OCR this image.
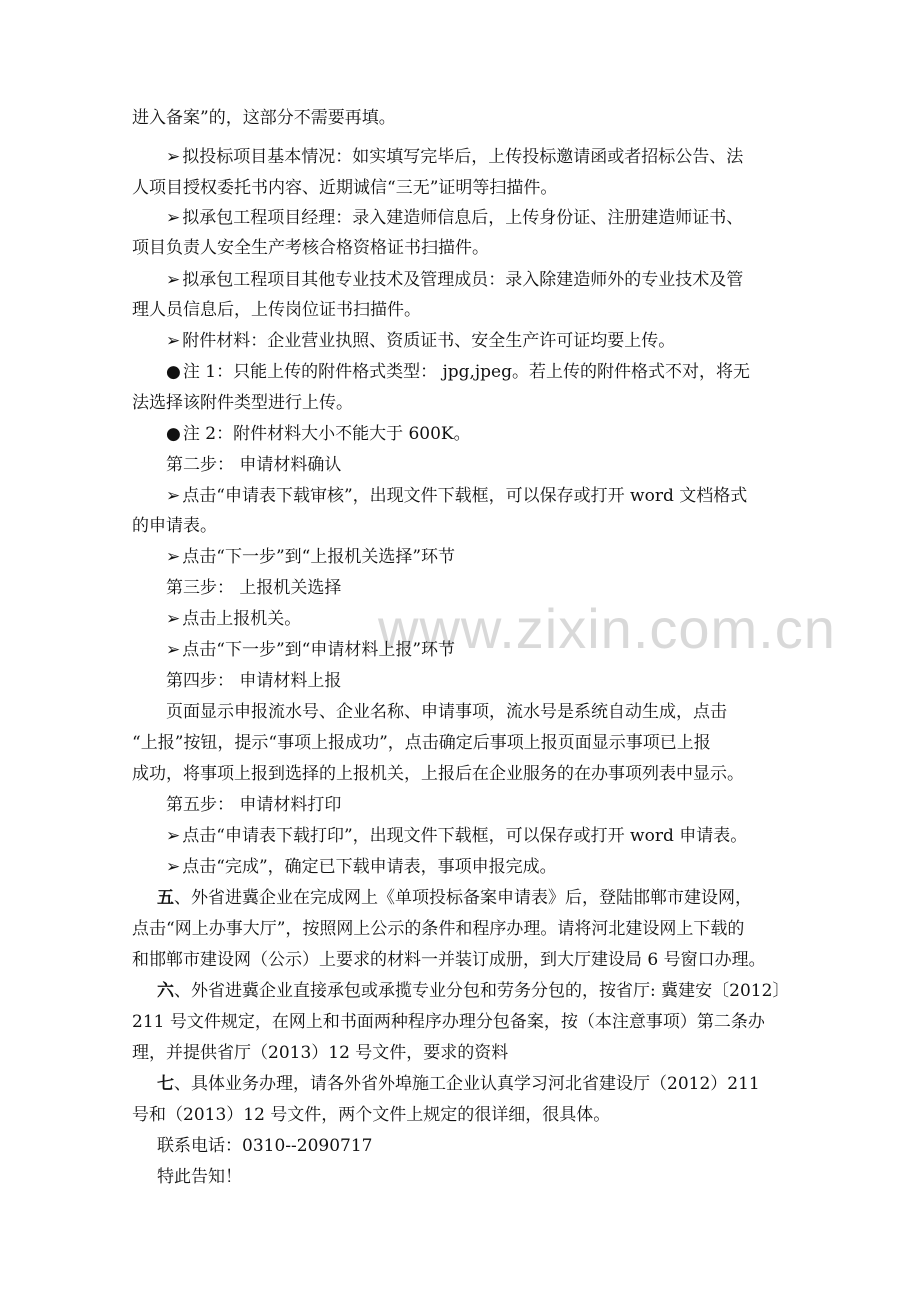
www.zixin.com.cn
进入备案”的，这部分不需要再填。
➢ 拟投标项目基本情况：如实填写完毕后，上传投标邀请函或者招标公告、法
人项目授权委托书内容、近期诚信“三无”证明等扫描件。
➢ 拟承包工程项目经理：录入建造师信息后，上传身份证、注册建造师证书、
项目负责人安全生产考核合格资格证书扫描件。
➢ 拟承包工程项目其他专业技术及管理成员：录入除建造师外的专业技术及管
理人员信息后，上传岗位证书扫描件。
➢ 附件材料：企业营业执照、资质证书、安全生产许可证均要上传。
● 注 1：只能上传的附件格式类型： jpg,jpeg。若上传的附件格式不对，将无
法选择该附件类型进行上传。
● 注 2：附件材料大小不能大于 600K。
第二步： 申请材料确认
➢ 点击“申请表下载审核”，出现文件下载框，可以保存或打开 word 文档格式
的申请表。
➢ 点击“下一步”到“上报机关选择”环节
第三步： 上报机关选择
➢ 点击上报机关。
➢ 点击“下一步”到“申请材料上报”环节
第四步： 申请材料上报
页面显示申报流水号、企业名称、申请事项，流水号是系统自动生成，点击
“上报”按钮，提示“事项上报成功”，点击确定后事项上报页面显示事项已上报
成功，将事项上报到选择的上报机关，上报后在企业服务的在办事项列表中显示。
第五步： 申请材料打印
➢ 点击“申请表下载打印”，出现文件下载框，可以保存或打开 word 申请表。
➢ 点击“完成”，确定已下载申请表，事项申报完成。
五、外省进冀企业在完成网上《单项投标备案申请表》后，登陆邯郸市建设网，
点击“网上办事大厅”，按照网上公示的条件和程序办理。请将河北建设网上下载的
和邯郸市建设网（公示）上要求的材料一并装订成册，到大厅建设局 6 号窗口办理。
六、外省进冀企业直接承包或承揽专业分包和劳务分包的，按省厅: 冀建安〔2012〕
211 号文件规定，在网上和书面两种程序办理分包备案，按（本注意事项）第二条办
理，并提供省厅（2013）12 号文件，要求的资料
七、具体业务办理，请各外省外埠施工企业认真学习河北省建设厅（2012）211
号和（2013）12 号文件，两个文件上规定的很详细，很具体。
联系电话：0310--2090717
特此告知！
